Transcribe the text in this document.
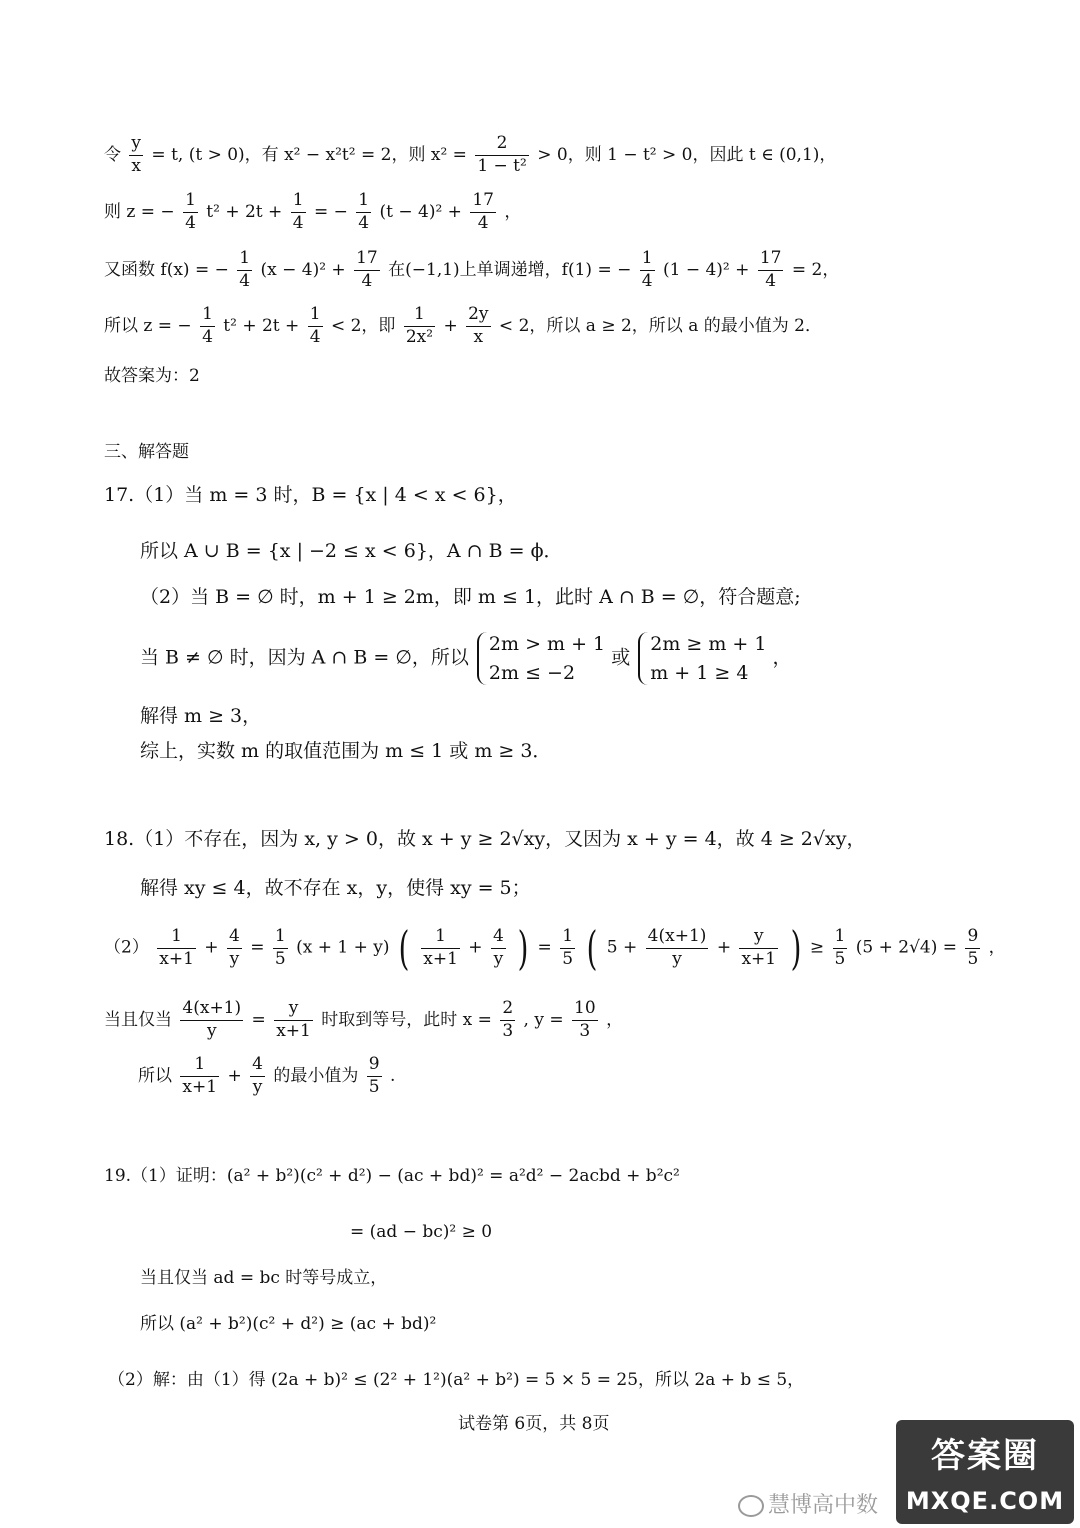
令 $\frac{y}{x} = t$, (t > 0)，有 x² − x²t² = 2，则 $x^2 = \frac{2}{\text{1 − t²}} > 0$，则 1 − t² > 0，因此 t ∈ (0,1)，
则 z = − $\frac{1}{4} t^2 + 2t + \frac{1}{4}$ = − $\frac{1}{4} (t - 4)^2 + \frac{17}{4}$ ，
又函数 f(x) = − $\frac{1}{4} (x - 4)^2 + \frac{17}{4}$ 在(−1,1)上单调递增，f(1) = − $\frac{1}{4} (1 - 4)^2 + \frac{17}{4} = 2$，
所以 z = − $\frac{1}{4} t^2 + 2t + \frac{1}{4} < 2$，即 $\frac{1}{\text{2x²}} + \frac{2y}{x} < 2$，所以 a ≥ 2，所以 a 的最小值为 2．
故答案为：2
三、解答题
17.（1）当 m = 3 时，B = {x | 4 < x < 6}，
所以 A ∪ B = {x | −2 ≤ x < 6}，A ∩ B = ϕ．
（2）当 B = ∅ 时，m + 1 ≥ 2m，即 m ≤ 1，此时 A ∩ B = ∅，符合题意;
当 B ≠ ∅ 时，因为 A ∩ B = ∅，所以
2m > m + 1
2m ≤ −2
或
2m ≥ m + 1
m + 1 ≥ 4
，
解得 m ≥ 3，
综上，实数 m 的取值范围为 m ≤ 1 或 m ≥ 3．
18.（1）不存在，因为 x, y > 0，故 x + y ≥ 2√xy，又因为 x + y = 4，故 4 ≥ 2√xy，
解得 xy ≤ 4，故不存在 x，y，使得 xy = 5；
$(2) \frac{1}{x+1} + \frac{4}{y} = \frac{1}{5} (x + 1 + y)$ ( $\frac{1}{x+1} + \frac{4}{y}$ ) = $\frac{1}{5}$ ( $5 + \frac{4(x+1)}{y} + \frac{y}{x+1}$ ) ≥ $\frac{1}{5} (5 + 2√4) = \frac{9}{5}$ ，
当且仅当 $\frac{4(x+1)}{y} = \frac{y}{x+1}$ 时取到等号，此时 $x = \frac{2}{3}$ , $y = \frac{10}{3}$ ，
所以 $\frac{1}{x+1} + \frac{4}{y}$ 的最小值为 $\frac{9}{5}$ .
19.（1）证明：(a² + b²)(c² + d²) − (ac + bd)² = a²d² − 2acbd + b²c²
= (ad − bc)² ≥ 0
当且仅当 ad = bc 时等号成立，
所以 (a² + b²)(c² + d²) ≥ (ac + bd)²
（2）解：由（1）得 (2a + b)² ≤ (2² + 1²)(a² + b²) = 5 × 5 = 25，所以 2a + b ≤ 5，
试卷第 6页，共 8页
慧博高中数
答案圈
MXQE.COM
